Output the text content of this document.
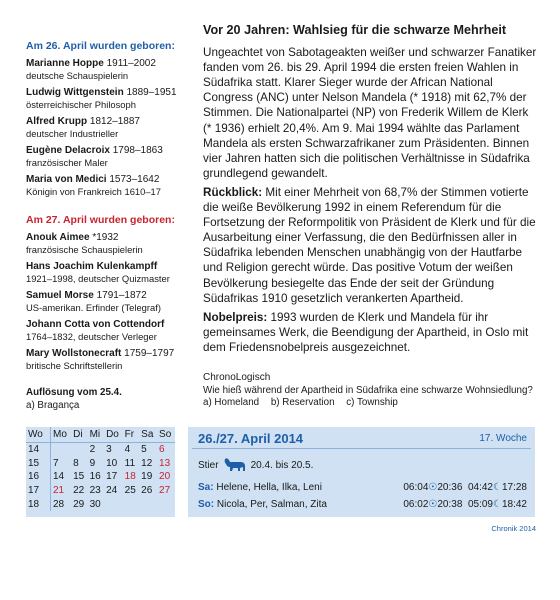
Am 26. April wurden geboren:
Marianne Hoppe 1911–2002
deutsche Schauspielerin
Ludwig Wittgenstein 1889–1951
österreichischer Philosoph
Alfred Krupp 1812–1887
deutscher Industrieller
Eugène Delacroix 1798–1863
französischer Maler
Maria von Medici 1573–1642
Königin von Frankreich 1610–17
Am 27. April wurden geboren:
Anouk Aimee *1932
französische Schauspielerin
Hans Joachim Kulenkampff
1921–1998, deutscher Quizmaster
Samuel Morse 1791–1872
US-amerikan. Erfinder (Telegraf)
Johann Cotta von Cottendorf
1764–1832, deutscher Verleger
Mary Wollstonecraft 1759–1797
britische Schriftstellerin
Vor 20 Jahren: Wahlsieg für die schwarze Mehrheit

Ungeachtet von Sabotageakten weißer und schwarzer Fanatiker fanden vom 26. bis 29. April 1994 die ersten freien Wahlen in Südafrika statt. Klarer Sieger wurde der African National Congress (ANC) unter Nelson Mandela (* 1918) mit 62,7% der Stimmen. Die Nationalpartei (NP) von Frederik Willem de Klerk (* 1936) erhielt 20,4%. Am 9. Mai 1994 wählte das Parlament Mandela als ersten Schwarzafrikaner zum Präsidenten. Binnen vier Jahren hatten sich die politischen Verhältnisse in Südafrika grundlegend gewandelt.

Rückblick: Mit einer Mehrheit von 68,7% der Stimmen votierte die weiße Bevölkerung 1992 in einem Referendum für die Fortsetzung der Reformpolitik von Präsident de Klerk und für die Ausarbeitung einer Verfassung, die den Bedürfnissen aller in Südafrika lebenden Menschen unabhängig von der Hautfarbe und Religion gerecht würde. Das positive Votum der weißen Bevölkerung besiegelte das Ende der seit der Gründung Südafrikas 1910 gesetzlich verankerten Apartheid.

Nobelpreis: 1993 wurden de Klerk und Mandela für ihr gemeinsames Werk, die Beendigung der Apartheid, in Oslo mit dem Friedensnobelpreis ausgezeichnet.

ChronoLogisch
Wie hieß während der Apartheid in Südafrika eine schwarze Wohnsiedlung?
a) Homeland b) Reservation c) Township
Auflösung vom 25.4.
a) Bragança
Wo	Mo	Di	Mi	Do	Fr	Sa	So
14			2	3	4	5	6
15	7	8	9	10	11	12	13
16	14	15	16	17	18	19	20
17	21	22	23	24	25	26	27
18	28	29	30				
26./27. April 2014	17. Woche
Stier	20.4. bis 20.5.
Sa: Helene, Hella, Ilka, Leni	06:04☉20:36 04:42☾17:28
So: Nicola, Per, Salman, Zita	06:02☉20:38 05:09☾18:42
Chronik 2014
